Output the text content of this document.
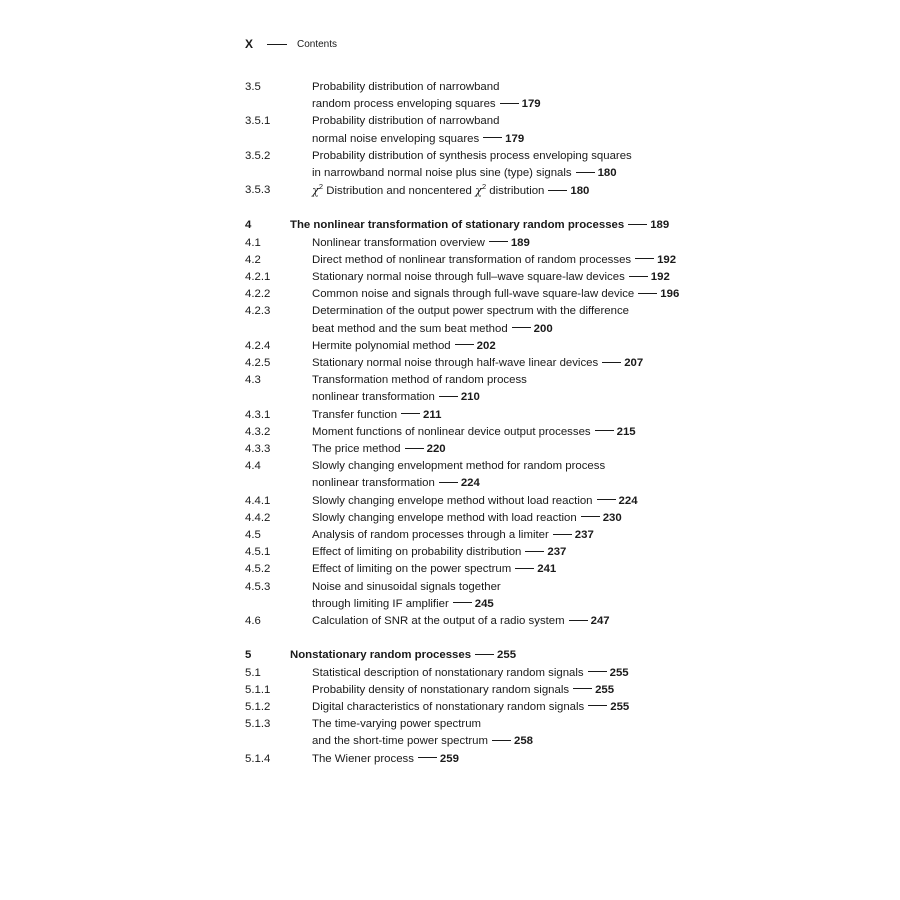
X	Contents
3.5	Probability distribution of narrowband
random process enveloping squares 179
3.5.1	Probability distribution of narrowband
normal noise enveloping squares 179
3.5.2	Probability distribution of synthesis process enveloping squares
in narrowband normal noise plus sine (type) signals 180
3.5.3	$\chi^2$ Distribution and noncentered $\chi^2$ distribution 180
4	The nonlinear transformation of stationary random processes 189
4.1	Nonlinear transformation overview 189
4.2	Direct method of nonlinear transformation of random processes 192
4.2.1	Stationary normal noise through full–wave square-law devices 192
4.2.2	Common noise and signals through full-wave square-law device 196
4.2.3	Determination of the output power spectrum with the difference
beat method and the sum beat method 200
4.2.4	Hermite polynomial method 202
4.2.5	Stationary normal noise through half-wave linear devices 207
4.3	Transformation method of random process
nonlinear transformation 210
4.3.1	Transfer function 211
4.3.2	Moment functions of nonlinear device output processes 215
4.3.3	The price method 220
4.4	Slowly changing envelopment method for random process
nonlinear transformation 224
4.4.1	Slowly changing envelope method without load reaction 224
4.4.2	Slowly changing envelope method with load reaction 230
4.5	Analysis of random processes through a limiter 237
4.5.1	Effect of limiting on probability distribution 237
4.5.2	Effect of limiting on the power spectrum 241
4.5.3	Noise and sinusoidal signals together
through limiting IF amplifier 245
4.6	Calculation of SNR at the output of a radio system 247
5	Nonstationary random processes 255
5.1	Statistical description of nonstationary random signals 255
5.1.1	Probability density of nonstationary random signals 255
5.1.2	Digital characteristics of nonstationary random signals 255
5.1.3	The time-varying power spectrum
and the short-time power spectrum 258
5.1.4	The Wiener process 259
